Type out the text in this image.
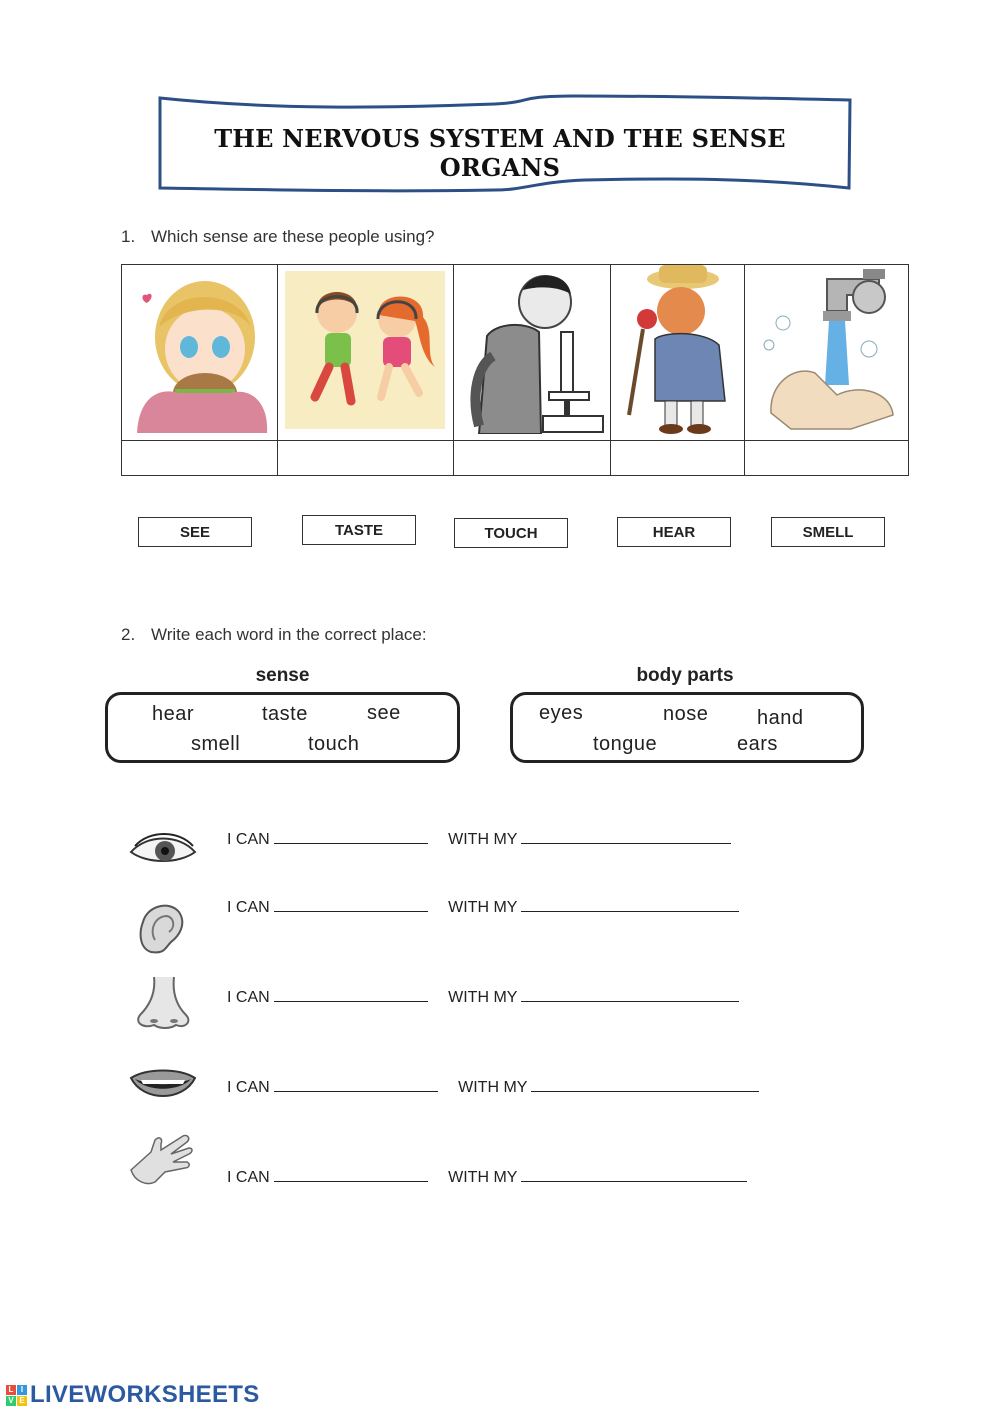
THE NERVOUS SYSTEM AND THE SENSE ORGANS
1. Which sense are these people using?

SEE	TASTE	TOUCH	HEAR	SMELL
2. Write each word in the correct place:
sense
hear	taste	see
smell	touch
body parts
eyes	nose hand
tongue	ears
I CAN	WITH MY
I CAN	WITH MY
I CAN	WITH MY
I CAN	WITH MY
I CAN	WITH MY
L I
V E LIVEWORKSHEETS
